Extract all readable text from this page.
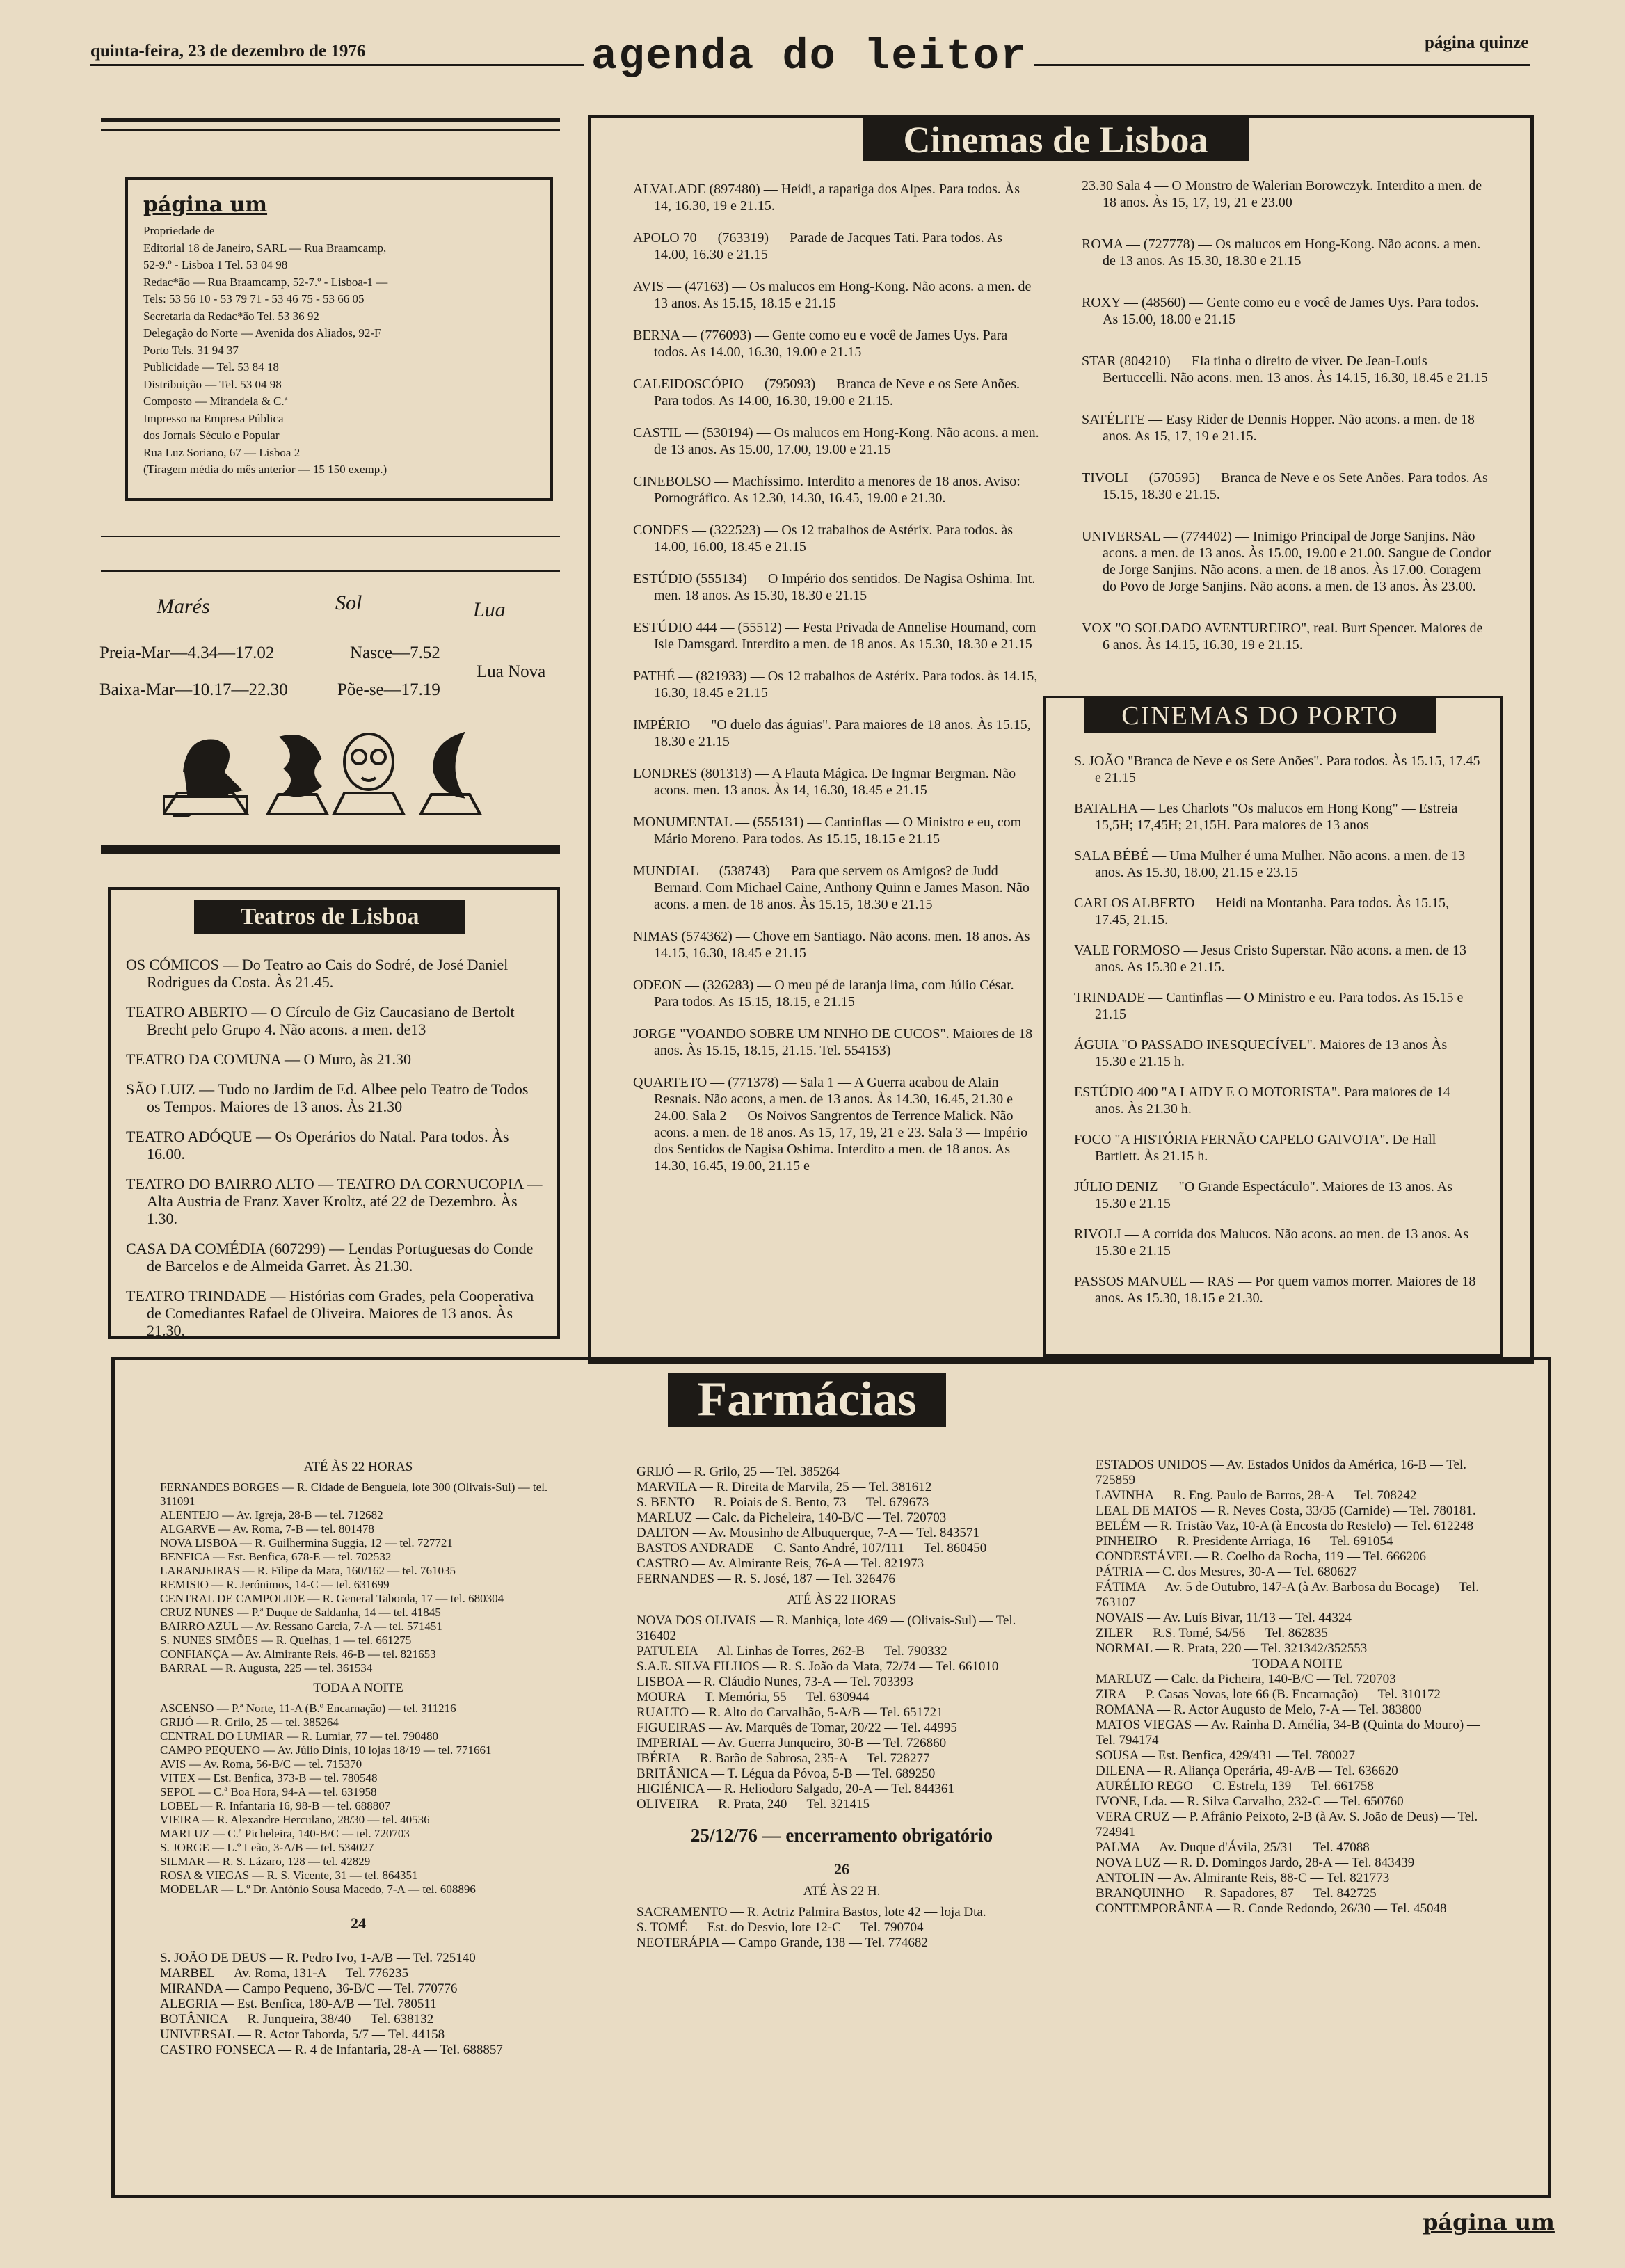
quinta-feira, 23 de dezembro de 1976	agenda do leitor	página quinze
página um
Propriedade de
Editorial 18 de Janeiro, SARL — Rua Braamcamp,
52-9.º - Lisboa 1 Tel. 53 04 98
Redac*ão — Rua Braamcamp, 52-7.º - Lisboa-1 —
Tels: 53 56 10 - 53 79 71 - 53 46 75 - 53 66 05
Secretaria da Redac*ão Tel. 53 36 92
Delegação do Norte — Avenida dos Aliados, 92-F
Porto Tels. 31 94 37
Publicidade — Tel. 53 84 18
Distribuição — Tel. 53 04 98
Composto — Mirandela & C.ª
Impresso na Empresa Pública
dos Jornais Século e Popular
Rua Luz Soriano, 67 — Lisboa 2
(Tiragem média do mês anterior — 15 150 exemp.)
Marés	Sol	Lua
Preia-Mar—4.34—17.02
Baixa-Mar—10.17—22.30
Nasce—7.52
Põe-se—17.19
Lua Nova
Teatros de Lisboa
OS CÓMICOS — Do Teatro ao Cais do Sodré, de José Daniel Rodrigues da Costa. Às 21.45.
TEATRO ABERTO — O Círculo de Giz Caucasiano de Bertolt Brecht pelo Grupo 4. Não acons. a men. de13
TEATRO DA COMUNA — O Muro, às 21.30
SÃO LUIZ — Tudo no Jardim de Ed. Albee pelo Teatro de Todos os Tempos. Maiores de 13 anos. Às 21.30
TEATRO ADÓQUE — Os Operários do Natal. Para todos. Às 16.00.
TEATRO DO BAIRRO ALTO — TEATRO DA CORNUCOPIA — Alta Austria de Franz Xaver Kroltz, até 22 de Dezembro. Às 1.30.
CASA DA COMÉDIA (607299) — Lendas Portuguesas do Conde de Barcelos e de Almeida Garret. Às 21.30.
TEATRO TRINDADE — Histórias com Grades, pela Cooperativa de Comediantes Rafael de Oliveira. Maiores de 13 anos. Às 21.30.
Cinemas de Lisboa
ALVALADE (897480) — Heidi, a rapariga dos Alpes. Para todos. Às 14, 16.30, 19 e 21.15.
APOLO 70 — (763319) — Parade de Jacques Tati. Para todos. As 14.00, 16.30 e 21.15
AVIS — (47163) — Os malucos em Hong-Kong. Não acons. a men. de 13 anos. As 15.15, 18.15 e 21.15
BERNA — (776093) — Gente como eu e você de James Uys. Para todos. As 14.00, 16.30, 19.00 e 21.15
CALEIDOSCÓPIO — (795093) — Branca de Neve e os Sete Anões. Para todos. As 14.00, 16.30, 19.00 e 21.15.
CASTIL — (530194) — Os malucos em Hong-Kong. Não acons. a men. de 13 anos. As 15.00, 17.00, 19.00 e 21.15
CINEBOLSO — Machíssimo. Interdito a menores de 18 anos. Aviso: Pornográfico. As 12.30, 14.30, 16.45, 19.00 e 21.30.
CONDES — (322523) — Os 12 trabalhos de Astérix. Para todos. às 14.00, 16.00, 18.45 e 21.15
ESTÚDIO (555134) — O Império dos sentidos. De Nagisa Oshima. Int. men. 18 anos. As 15.30, 18.30 e 21.15
ESTÚDIO 444 — (55512) — Festa Privada de Annelise Houmand, com Isle Damsgard. Interdito a men. de 18 anos. As 15.30, 18.30 e 21.15
PATHÉ — (821933) — Os 12 trabalhos de Astérix. Para todos. às 14.15, 16.30, 18.45 e 21.15
IMPÉRIO — "O duelo das águias". Para maiores de 18 anos. Às 15.15, 18.30 e 21.15
LONDRES (801313) — A Flauta Mágica. De Ingmar Bergman. Não acons. men. 13 anos. Às 14, 16.30, 18.45 e 21.15
MONUMENTAL — (555131) — Cantinflas — O Ministro e eu, com Mário Moreno. Para todos. As 15.15, 18.15 e 21.15
MUNDIAL — (538743) — Para que servem os Amigos? de Judd Bernard. Com Michael Caine, Anthony Quinn e James Mason. Não acons. a men. de 18 anos. Às 15.15, 18.30 e 21.15
NIMAS (574362) — Chove em Santiago. Não acons. men. 18 anos. As 14.15, 16.30, 18.45 e 21.15
ODEON — (326283) — O meu pé de laranja lima, com Júlio César. Para todos. As 15.15, 18.15, e 21.15
JORGE "VOANDO SOBRE UM NINHO DE CUCOS". Maiores de 18 anos. Às 15.15, 18.15, 21.15. Tel. 554153)
QUARTETO — (771378) — Sala 1 — A Guerra acabou de Alain Resnais. Não acons, a men. de 13 anos. Às 14.30, 16.45, 21.30 e 24.00. Sala 2 — Os Noivos Sangrentos de Terrence Malick. Não acons. a men. de 18 anos. As 15, 17, 19, 21 e 23. Sala 3 — Império dos Sentidos de Nagisa Oshima. Interdito a men. de 18 anos. As 14.30, 16.45, 19.00, 21.15 e
23.30 Sala 4 — O Monstro de Walerian Borowczyk. Interdito a men. de 18 anos. Às 15, 17, 19, 21 e 23.00
ROMA — (727778) — Os malucos em Hong-Kong. Não acons. a men. de 13 anos. As 15.30, 18.30 e 21.15
ROXY — (48560) — Gente como eu e você de James Uys. Para todos. As 15.00, 18.00 e 21.15
STAR (804210) — Ela tinha o direito de viver. De Jean-Louis Bertuccelli. Não acons. men. 13 anos. Às 14.15, 16.30, 18.45 e 21.15
SATÉLITE — Easy Rider de Dennis Hopper. Não acons. a men. de 18 anos. As 15, 17, 19 e 21.15.
TIVOLI — (570595) — Branca de Neve e os Sete Anões. Para todos. As 15.15, 18.30 e 21.15.
UNIVERSAL — (774402) — Inimigo Principal de Jorge Sanjins. Não acons. a men. de 13 anos. Às 15.00, 19.00 e 21.00. Sangue de Condor de Jorge Sanjins. Não acons. a men. de 18 anos. Às 17.00. Coragem do Povo de Jorge Sanjins. Não acons. a men. de 13 anos. Às 23.00.
VOX "O SOLDADO AVENTUREIRO", real. Burt Spencer. Maiores de 6 anos. Às 14.15, 16.30, 19 e 21.15.
CINEMAS DO PORTO
S. JOÃO "Branca de Neve e os Sete Anões". Para todos. Às 15.15, 17.45 e 21.15
BATALHA — Les Charlots "Os malucos em Hong Kong" — Estreia 15,5H; 17,45H; 21,15H. Para maiores de 13 anos
SALA BÉBÉ — Uma Mulher é uma Mulher. Não acons. a men. de 13 anos. As 15.30, 18.00, 21.15 e 23.15
CARLOS ALBERTO — Heidi na Montanha. Para todos. Às 15.15, 17.45, 21.15.
VALE FORMOSO — Jesus Cristo Superstar. Não acons. a men. de 13 anos. As 15.30 e 21.15.
TRINDADE — Cantinflas — O Ministro e eu. Para todos. As 15.15 e 21.15
ÁGUIA "O PASSADO INESQUECÍVEL". Maiores de 13 anos Às 15.30 e 21.15 h.
ESTÚDIO 400 "A LAIDY E O MOTORISTA". Para maiores de 14 anos. Às 21.30 h.
FOCO "A HISTÓRIA FERNÃO CAPELO GAIVOTA". De Hall Bartlett. Às 21.15 h.
JÚLIO DENIZ — "O Grande Espectáculo". Maiores de 13 anos. As 15.30 e 21.15
RIVOLI — A corrida dos Malucos. Não acons. ao men. de 13 anos. As 15.30 e 21.15
PASSOS MANUEL — RAS — Por quem vamos morrer. Maiores de 18 anos. As 15.30, 18.15 e 21.30.
Farmácias
ATÉ ÀS 22 HORAS
FERNANDES BORGES — R. Cidade de Benguela, lote 300 (Olivais-Sul) — tel. 311091
ALENTEJO — Av. Igreja, 28-B — tel. 712682
ALGARVE — Av. Roma, 7-B — tel. 801478
NOVA LISBOA — R. Guilhermina Suggia, 12 — tel. 727721
BENFICA — Est. Benfica, 678-E — tel. 702532
LARANJEIRAS — R. Filipe da Mata, 160/162 — tel. 761035
REMISIO — R. Jerónimos, 14-C — tel. 631699
CENTRAL DE CAMPOLIDE — R. General Taborda, 17 — tel. 680304
CRUZ NUNES — P.ª Duque de Saldanha, 14 — tel. 41845
BAIRRO AZUL — Av. Ressano Garcia, 7-A — tel. 571451
S. NUNES SIMÕES — R. Quelhas, 1 — tel. 661275
CONFIANÇA — Av. Almirante Reis, 46-B — tel. 821653
BARRAL — R. Augusta, 225 — tel. 361534
TODA A NOITE
ASCENSO — P.ª Norte, 11-A (B.º Encarnação) — tel. 311216
GRIJÓ — R. Grilo, 25 — tel. 385264
CENTRAL DO LUMIAR — R. Lumiar, 77 — tel. 790480
CAMPO PEQUENO — Av. Júlio Dinis, 10 lojas 18/19 — tel. 771661
AVIS — Av. Roma, 56-B/C — tel. 715370
VITEX — Est. Benfica, 373-B — tel. 780548
SEPOL — C.ª Boa Hora, 94-A — tel. 631958
LOBEL — R. Infantaria 16, 98-B — tel. 688807
VIEIRA — R. Alexandre Herculano, 28/30 — tel. 40536
MARLUZ — C.ª Picheleira, 140-B/C — tel. 720703
S. JORGE — L.º Leão, 3-A/B — tel. 534027
SILMAR — R. S. Lázaro, 128 — tel. 42829
ROSA & VIEGAS — R. S. Vicente, 31 — tel. 864351
MODELAR — L.º Dr. António Sousa Macedo, 7-A — tel. 608896
24
S. JOÃO DE DEUS — R. Pedro Ivo, 1-A/B — Tel. 725140
MARBEL — Av. Roma, 131-A — Tel. 776235
MIRANDA — Campo Pequeno, 36-B/C — Tel. 770776
ALEGRIA — Est. Benfica, 180-A/B — Tel. 780511
BOTÂNICA — R. Junqueira, 38/40 — Tel. 638132
UNIVERSAL — R. Actor Taborda, 5/7 — Tel. 44158
CASTRO FONSECA — R. 4 de Infantaria, 28-A — Tel. 688857
GRIJÓ — R. Grilo, 25 — Tel. 385264
MARVILA — R. Direita de Marvila, 25 — Tel. 381612
S. BENTO — R. Poiais de S. Bento, 73 — Tel. 679673
MARLUZ — Calc. da Picheleira, 140-B/C — Tel. 720703
DALTON — Av. Mousinho de Albuquerque, 7-A — Tel. 843571
BASTOS ANDRADE — C. Santo André, 107/111 — Tel. 860450
CASTRO — Av. Almirante Reis, 76-A — Tel. 821973
FERNANDES — R. S. José, 187 — Tel. 326476
ATÉ ÀS 22 HORAS
NOVA DOS OLIVAIS — R. Manhiça, lote 469 — (Olivais-Sul) — Tel. 316402
PATULEIA — Al. Linhas de Torres, 262-B — Tel. 790332
S.A.E. SILVA FILHOS — R. S. João da Mata, 72/74 — Tel. 661010
LISBOA — R. Cláudio Nunes, 73-A — Tel. 703393
MOURA — T. Memória, 55 — Tel. 630944
RUALTO — R. Alto do Carvalhão, 5-A/B — Tel. 651721
FIGUEIRAS — Av. Marquês de Tomar, 20/22 — Tel. 44995
IMPERIAL — Av. Guerra Junqueiro, 30-B — Tel. 726860
IBÉRIA — R. Barão de Sabrosa, 235-A — Tel. 728277
BRITÂNICA — T. Légua da Póvoa, 5-B — Tel. 689250
HIGIÉNICA — R. Heliodoro Salgado, 20-A — Tel. 844361
OLIVEIRA — R. Prata, 240 — Tel. 321415
25/12/76 — encerramento obrigatório
26
ATÉ ÀS 22 H.
SACRAMENTO — R. Actriz Palmira Bastos, lote 42 — loja Dta.
S. TOMÉ — Est. do Desvio, lote 12-C — Tel. 790704
NEOTERÁPIA — Campo Grande, 138 — Tel. 774682
ESTADOS UNIDOS — Av. Estados Unidos da América, 16-B — Tel. 725859
LAVINHA — R. Eng. Paulo de Barros, 28-A — Tel. 708242
LEAL DE MATOS — R. Neves Costa, 33/35 (Carnide) — Tel. 780181.
BELÉM — R. Tristão Vaz, 10-A (à Encosta do Restelo) — Tel. 612248
PINHEIRO — R. Presidente Arriaga, 16 — Tel. 691054
CONDESTÁVEL — R. Coelho da Rocha, 119 — Tel. 666206
PÁTRIA — C. dos Mestres, 30-A — Tel. 680627
FÁTIMA — Av. 5 de Outubro, 147-A (à Av. Barbosa du Bocage) — Tel. 763107
NOVAIS — Av. Luís Bivar, 11/13 — Tel. 44324
ZILER — R.S. Tomé, 54/56 — Tel. 862835
NORMAL — R. Prata, 220 — Tel. 321342/352553
TODA A NOITE
MARLUZ — Calc. da Picheira, 140-B/C — Tel. 720703
ZIRA — P. Casas Novas, lote 66 (B. Encarnação) — Tel. 310172
ROMANA — R. Actor Augusto de Melo, 7-A — Tel. 383800
MATOS VIEGAS — Av. Rainha D. Amélia, 34-B (Quinta do Mouro) — Tel. 794174
SOUSA — Est. Benfica, 429/431 — Tel. 780027
DILENA — R. Aliança Operária, 49-A/B — Tel. 636620
AURÉLIO REGO — C. Estrela, 139 — Tel. 661758
IVONE, Lda. — R. Silva Carvalho, 232-C — Tel. 650760
VERA CRUZ — P. Afrânio Peixoto, 2-B (à Av. S. João de Deus) — Tel. 724941
PALMA — Av. Duque d'Ávila, 25/31 — Tel. 47088
NOVA LUZ — R. D. Domingos Jardo, 28-A — Tel. 843439
ANTOLIN — Av. Almirante Reis, 88-C — Tel. 821773
BRANQUINHO — R. Sapadores, 87 — Tel. 842725
CONTEMPORÂNEA — R. Conde Redondo, 26/30 — Tel. 45048
página um
